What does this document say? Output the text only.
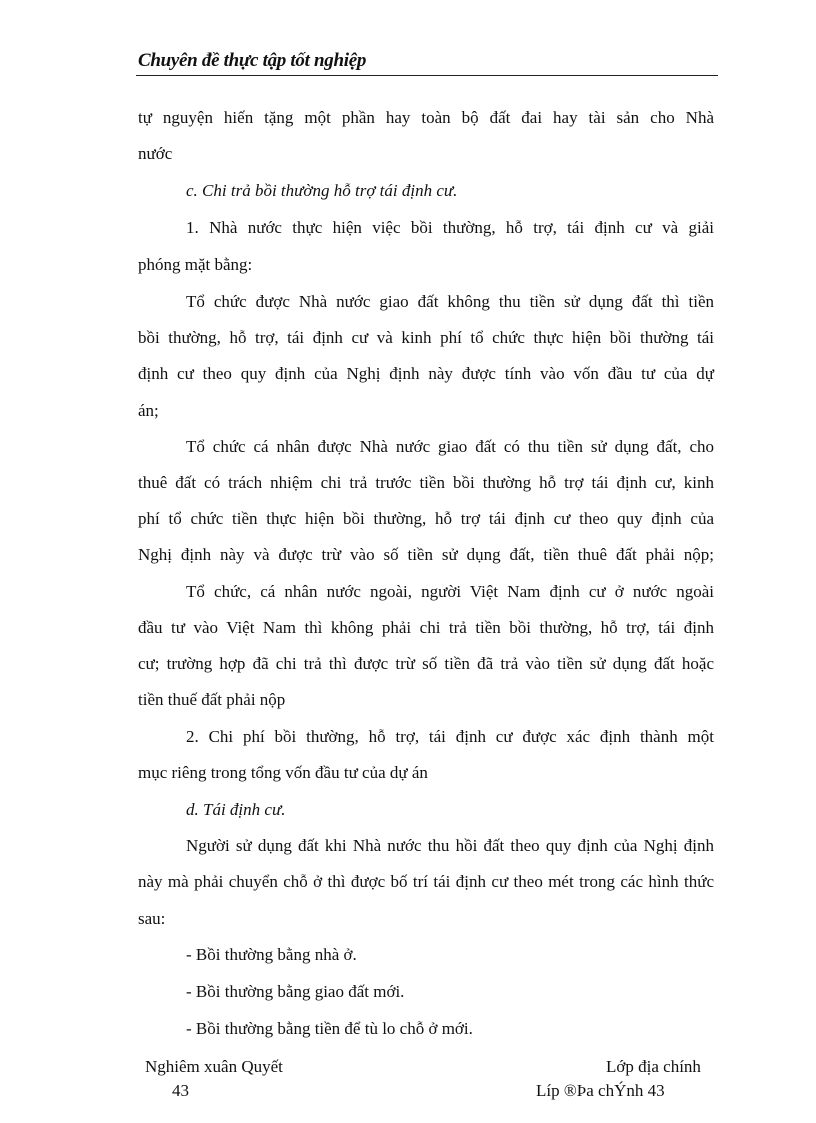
Chuyên đề thực tập tốt nghiệp
tự nguyện hiến tặng một phần hay toàn bộ đất đai hay tài sản cho Nhà
nước
c. Chi trả bồi thường hỗ trợ tái định cư.
1. Nhà nước thực hiện việc bồi thường, hỗ trợ, tái định cư và giải
phóng mặt bằng:
Tổ chức được Nhà nước giao đất không thu tiền sử dụng đất thì tiền
bồi thường, hỗ trợ, tái định cư và kinh phí tổ chức thực hiện bồi thường tái
định cư theo quy định của Nghị định này được tính vào vốn đầu tư của dự
án;
Tổ chức cá nhân được Nhà nước giao đất có thu tiền sử dụng đất, cho
thuê đất có trách nhiệm chi trả trước tiền bồi thường hỗ trợ tái định cư, kinh
phí tổ chức tiền thực hiện bồi thường, hỗ trợ tái định cư theo quy định của
Nghị định này và được trừ vào số tiền sử dụng đất, tiền thuê đất phải nộp;
Tổ chức, cá nhân nước ngoài, người Việt Nam định cư ở nước ngoài
đầu tư vào Việt Nam thì không phải chi trả tiền bồi thường, hỗ trợ, tái định
cư; trường hợp đã chi trả thì được trừ số tiền đã trả vào tiền sử dụng đất hoặc
tiền thuế đất phải nộp
2. Chi phí bồi thường, hỗ trợ, tái định cư được xác định thành một
mục riêng trong tổng vốn đầu tư của dự án
d. Tái định cư.
Người sử dụng đất khi Nhà nước thu hồi đất theo quy định của Nghị định
này mà phải chuyển chỗ ở thì được bố trí tái định cư theo mét trong các hình thức
sau:
- Bồi thường bằng nhà ở.
- Bồi thường bằng giao đất mới.
- Bồi thường bằng tiền để tù lo chỗ ở mới.
Nghiêm xuân Quyết
43
Lớp địa chính
Líp ®Þa chÝnh 43
